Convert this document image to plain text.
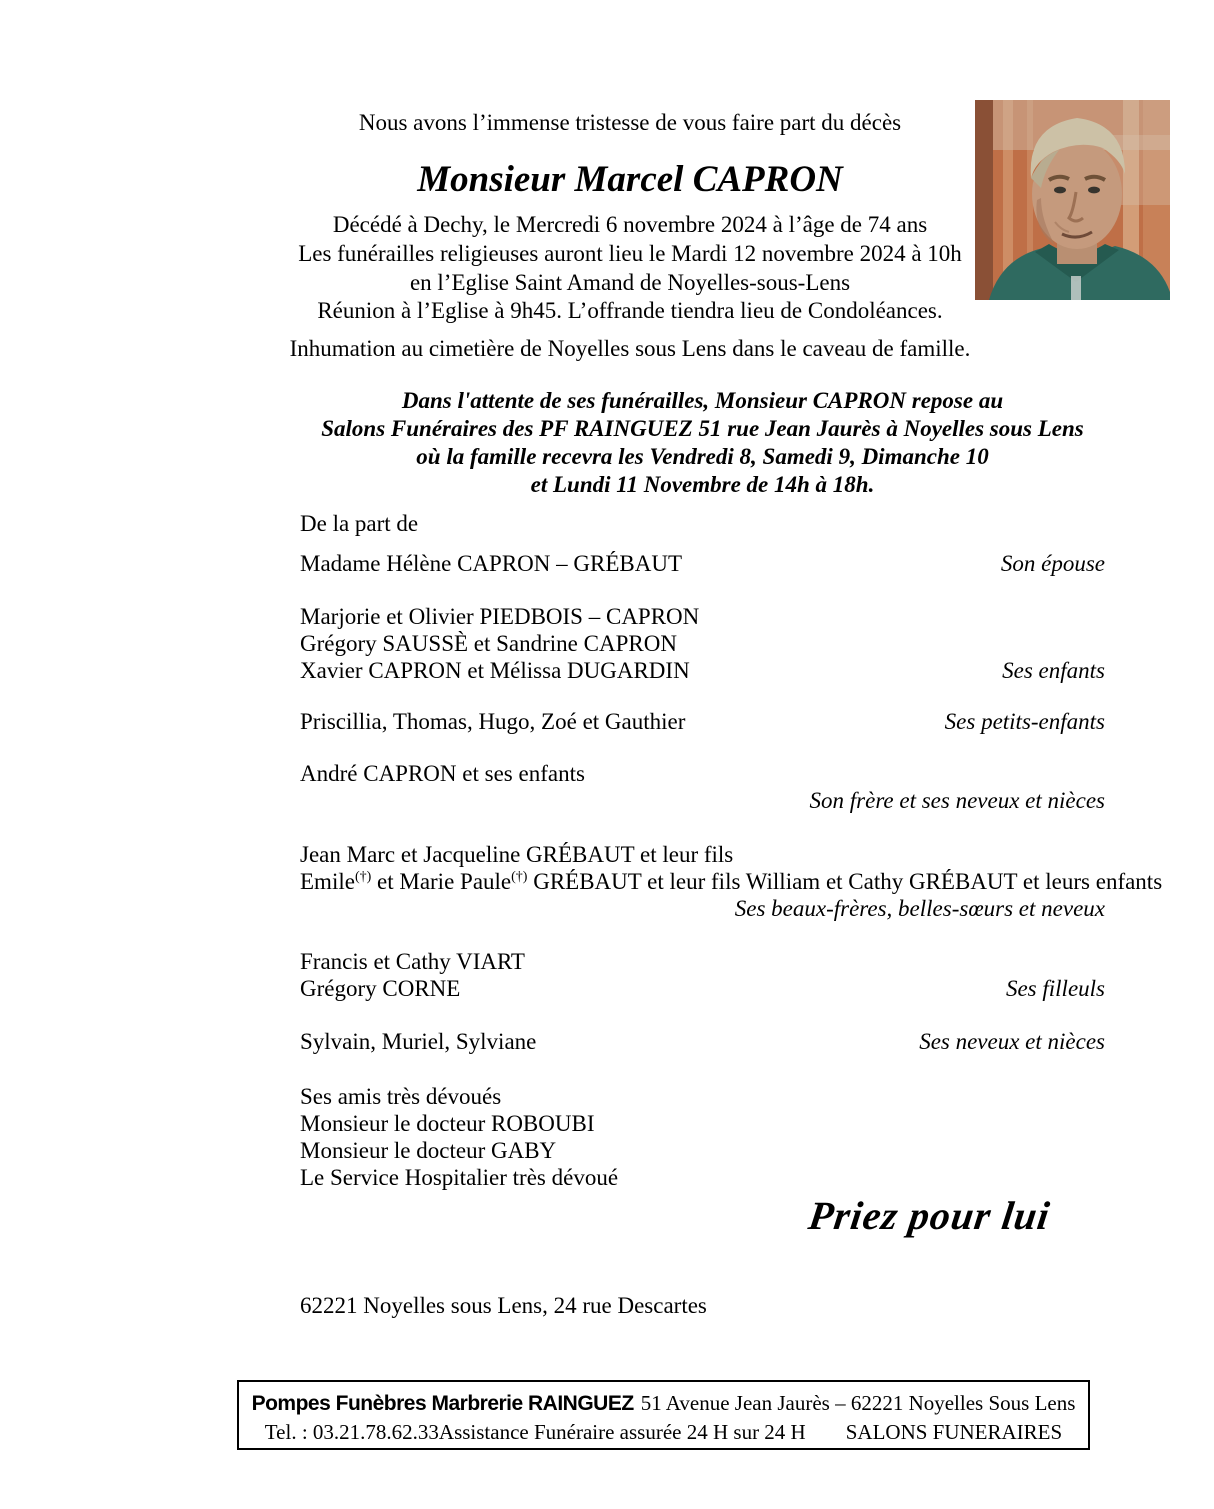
Nous avons l’immense tristesse de vous faire part du décès
Monsieur Marcel CAPRON
Décédé à Dechy, le Mercredi 6 novembre 2024 à l’âge de 74 ans
Les funérailles religieuses auront lieu le Mardi 12 novembre 2024 à 10h
en l’Eglise Saint Amand de Noyelles-sous-Lens
Réunion à l’Eglise à 9h45. L’offrande tiendra lieu de Condoléances.
Inhumation au cimetière de Noyelles sous Lens dans le caveau de famille.
Dans l'attente de ses funérailles, Monsieur CAPRON repose au
Salons Funéraires des PF RAINGUEZ 51 rue Jean Jaurès à Noyelles sous Lens
où la famille recevra les Vendredi 8, Samedi 9, Dimanche 10
et Lundi 11 Novembre de 14h à 18h.
De la part de
Madame Hélène CAPRON – GRÉBAUT	Son épouse
Marjorie et Olivier PIEDBOIS – CAPRON
Grégory SAUSSÈ et Sandrine CAPRON
Xavier CAPRON et Mélissa DUGARDIN	Ses enfants
Priscillia, Thomas, Hugo, Zoé et Gauthier	Ses petits-enfants
André CAPRON et ses enfants
Son frère et ses neveux et nièces
Jean Marc et Jacqueline GRÉBAUT et leur fils
Emile(†) et Marie Paule(†) GRÉBAUT et leur fils William et Cathy GRÉBAUT et leurs enfants
Ses beaux-frères, belles-sœurs et neveux
Francis et Cathy VIART
Grégory CORNE	Ses filleuls
Sylvain, Muriel, Sylviane	Ses neveux et nièces
Ses amis très dévoués
Monsieur le docteur ROBOUBI
Monsieur le docteur GABY
Le Service Hospitalier très dévoué
Priez pour lui
62221 Noyelles sous Lens, 24 rue Descartes
Pompes Funèbres Marbrerie RAINGUEZ 51 Avenue Jean Jaurès – 62221 Noyelles Sous Lens
Tel. : 03.21.78.62.33Assistance Funéraire assurée 24 H sur 24 H SALONS FUNERAIRES
